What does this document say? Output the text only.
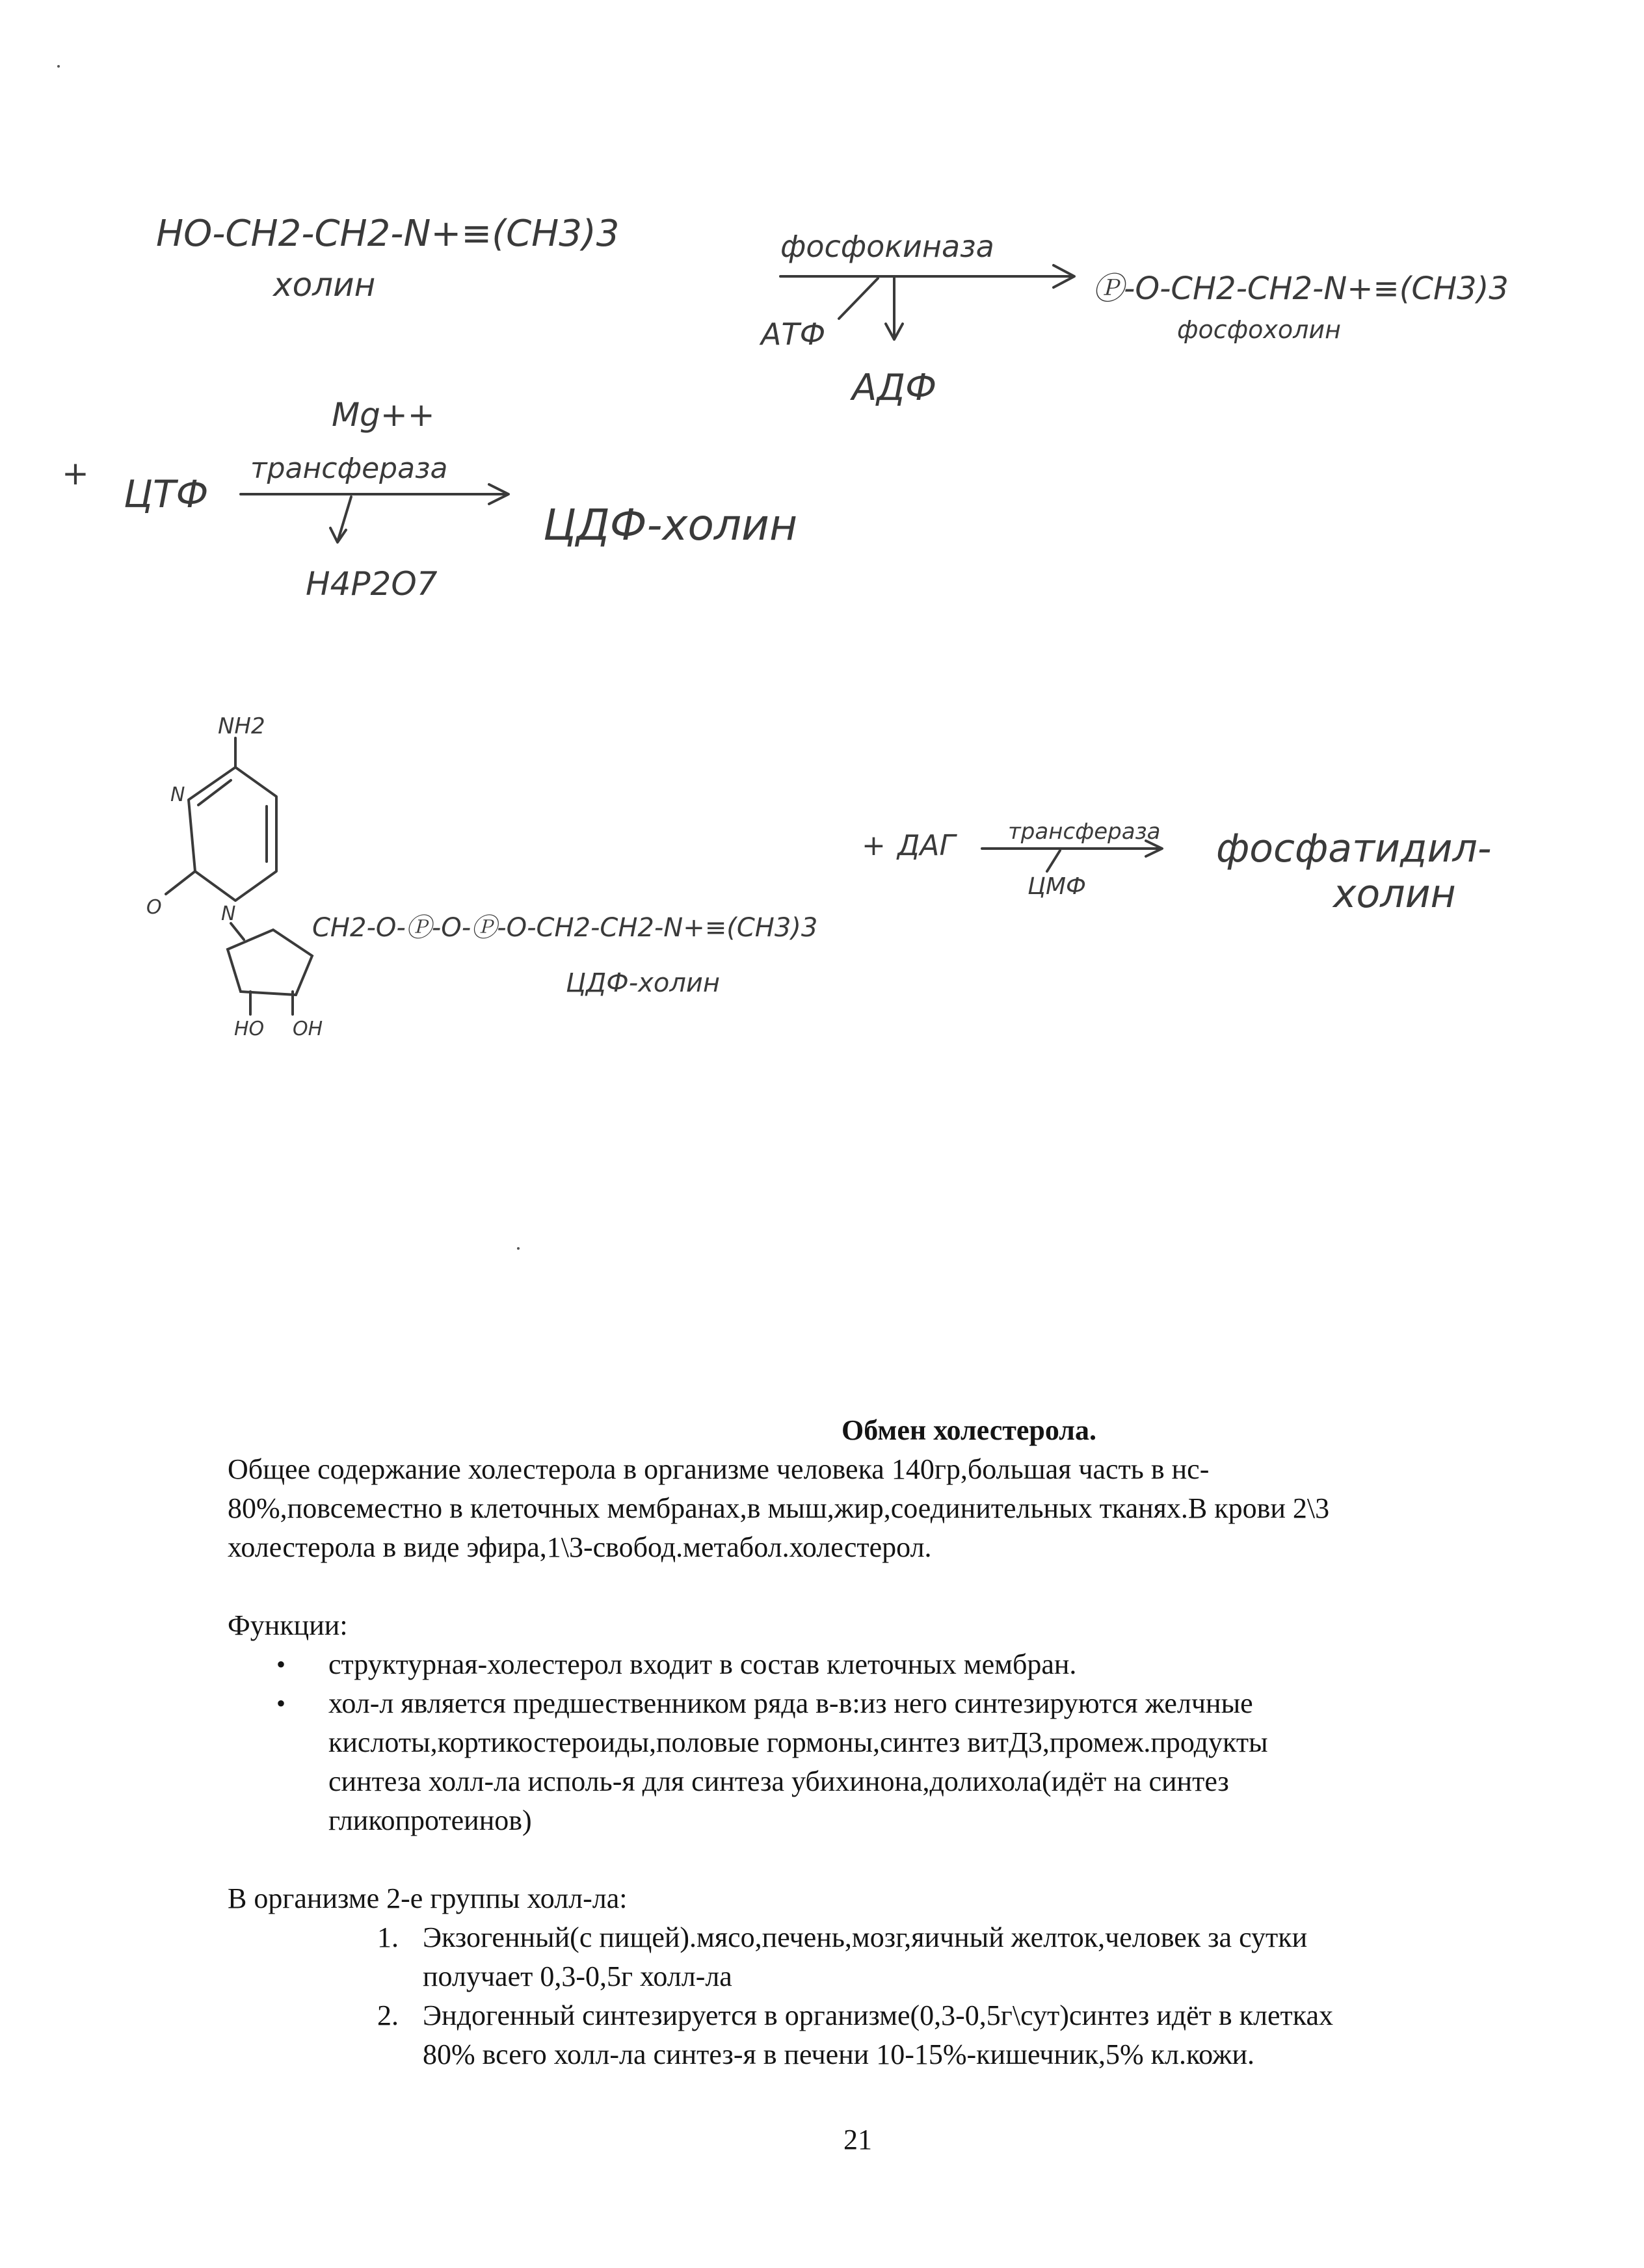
HO-CH2-CH2-N+≡(CH3)3
холин
фосфокиназа
АТФ
АДФ
Ⓟ-O-CH2-CH2-N+≡(CH3)3
фосфохолин
+ ЦТФ
Mg++
трансфераза
H4P2O7
ЦДФ-холин
NH2
N
N
O
HO OH
CH2-O-Ⓟ-O-Ⓟ-O-CH2-CH2-N+≡(CH3)3
ЦДФ-холин
+ ДАГ трансфераза
ЦМФ
фосфатидил-
холин

Обмен холестерола.

Общее содержание холестерола в организме человека 140гр,большая часть в нс-
80%,повсеместно в клеточных мембранах,в мыш,жир,соединительных тканях.В крови 2\3
холестерола в виде эфира,1\3-свобод.метабол.холестерол.

Функции:

• структурная-холестерол входит в состав клеточных мембран.
• хол-л является предшественником ряда в-в:из него синтезируются желчные
кислоты,кортикостероиды,половые гормоны,синтез витД3,промеж.продукты
синтеза холл-ла исполь-я для синтеза убихинона,долихола(идёт на синтез
гликопротеинов)

В организме 2-е группы холл-ла:

1. Экзогенный(с пищей).мясо,печень,мозг,яичный желток,человек за сутки
получает 0,3-0,5г холл-ла
2. Эндогенный синтезируется в организме(0,3-0,5г\сут)синтез идёт в клетках
80% всего холл-ла синтез-я в печени 10-15%-кишечник,5% кл.кожи.
21
